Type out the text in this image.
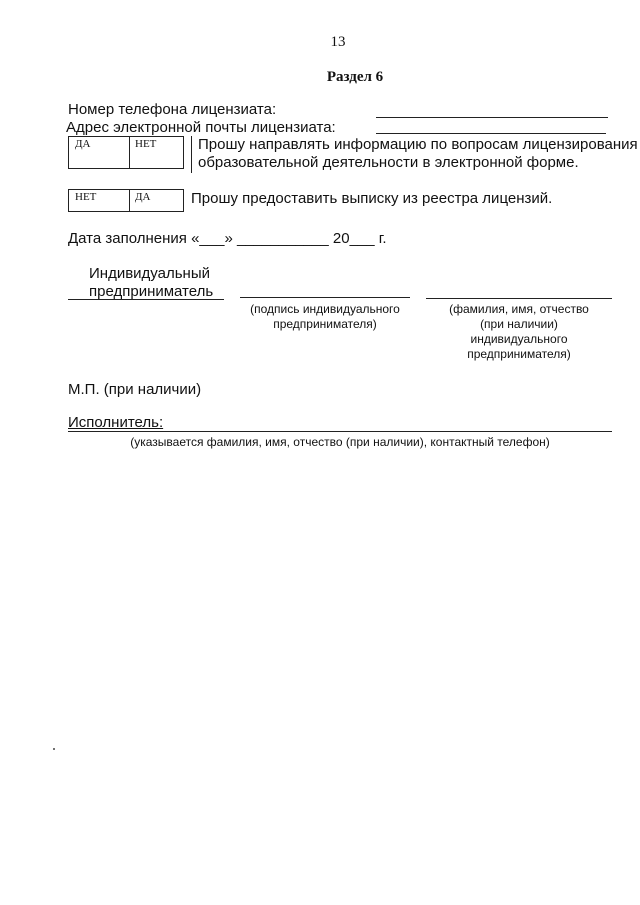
13
Раздел 6
Номер телефона лицензиата:
Адрес электронной почты лицензиата:
ДА	НЕТ	Прошу направлять информацию по вопросам лицензирования
образовательной деятельности в электронной форме.
НЕТ	ДА	Прошу предоставить выписку из реестра лицензий.
Дата заполнения «___» ___________ 20___ г.
Индивидуальный
предприниматель
(подпись индивидуального предпринимателя)
(фамилия, имя, отчество (при наличии) индивидуального предпринимателя)
М.П. (при наличии)
Исполнитель:
(указывается фамилия, имя, отчество (при наличии), контактный телефон)
